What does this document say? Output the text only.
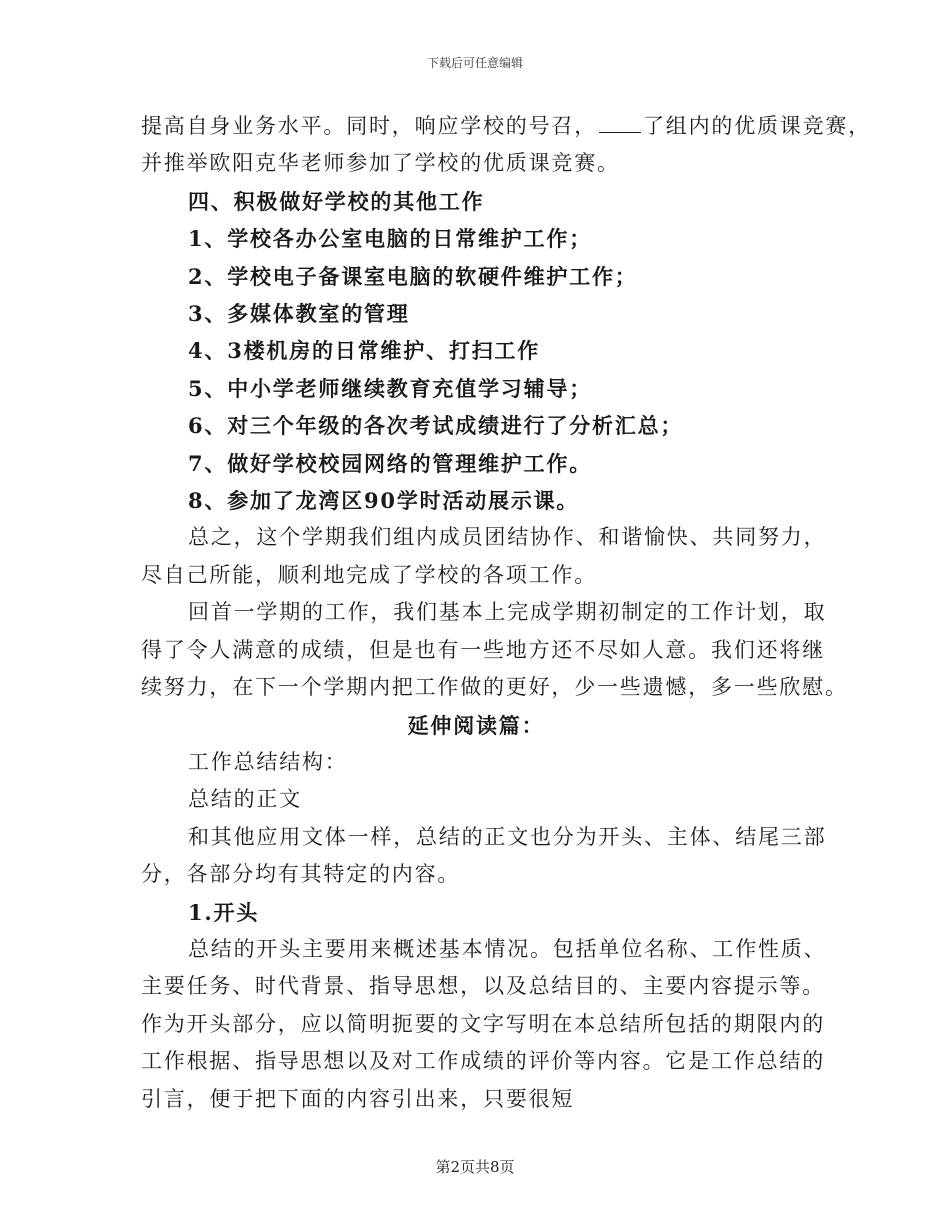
下载后可任意编辑

提高自身业务水平。同时，响应学校的号召， 了组内的优质课竞赛，

并推举欧阳克华老师参加了学校的优质课竞赛。

四、积极做好学校的其他工作

1、学校各办公室电脑的日常维护工作；

2、学校电子备课室电脑的软硬件维护工作；

3、多媒体教室的管理

4、3楼机房的日常维护、打扫工作

5、中小学老师继续教育充值学习辅导；

6、对三个年级的各次考试成绩进行了分析汇总；

7、做好学校校园网络的管理维护工作。

8、参加了龙湾区90学时活动展示课。

总之，这个学期我们组内成员团结协作、和谐愉快、共同努力，

尽自己所能，顺利地完成了学校的各项工作。

回首一学期的工作，我们基本上完成学期初制定的工作计划，取

得了令人满意的成绩，但是也有一些地方还不尽如人意。我们还将继

续努力，在下一个学期内把工作做的更好，少一些遗憾，多一些欣慰。

延伸阅读篇：

工作总结结构：

总结的正文

和其他应用文体一样，总结的正文也分为开头、主体、结尾三部

分，各部分均有其特定的内容。

1.开头

总结的开头主要用来概述基本情况。包括单位名称、工作性质、

主要任务、时代背景、指导思想，以及总结目的、主要内容提示等。

作为开头部分，应以简明扼要的文字写明在本总结所包括的期限内的

工作根据、指导思想以及对工作成绩的评价等内容。它是工作总结的

引言，便于把下面的内容引出来，只要很短

第2页共8页
